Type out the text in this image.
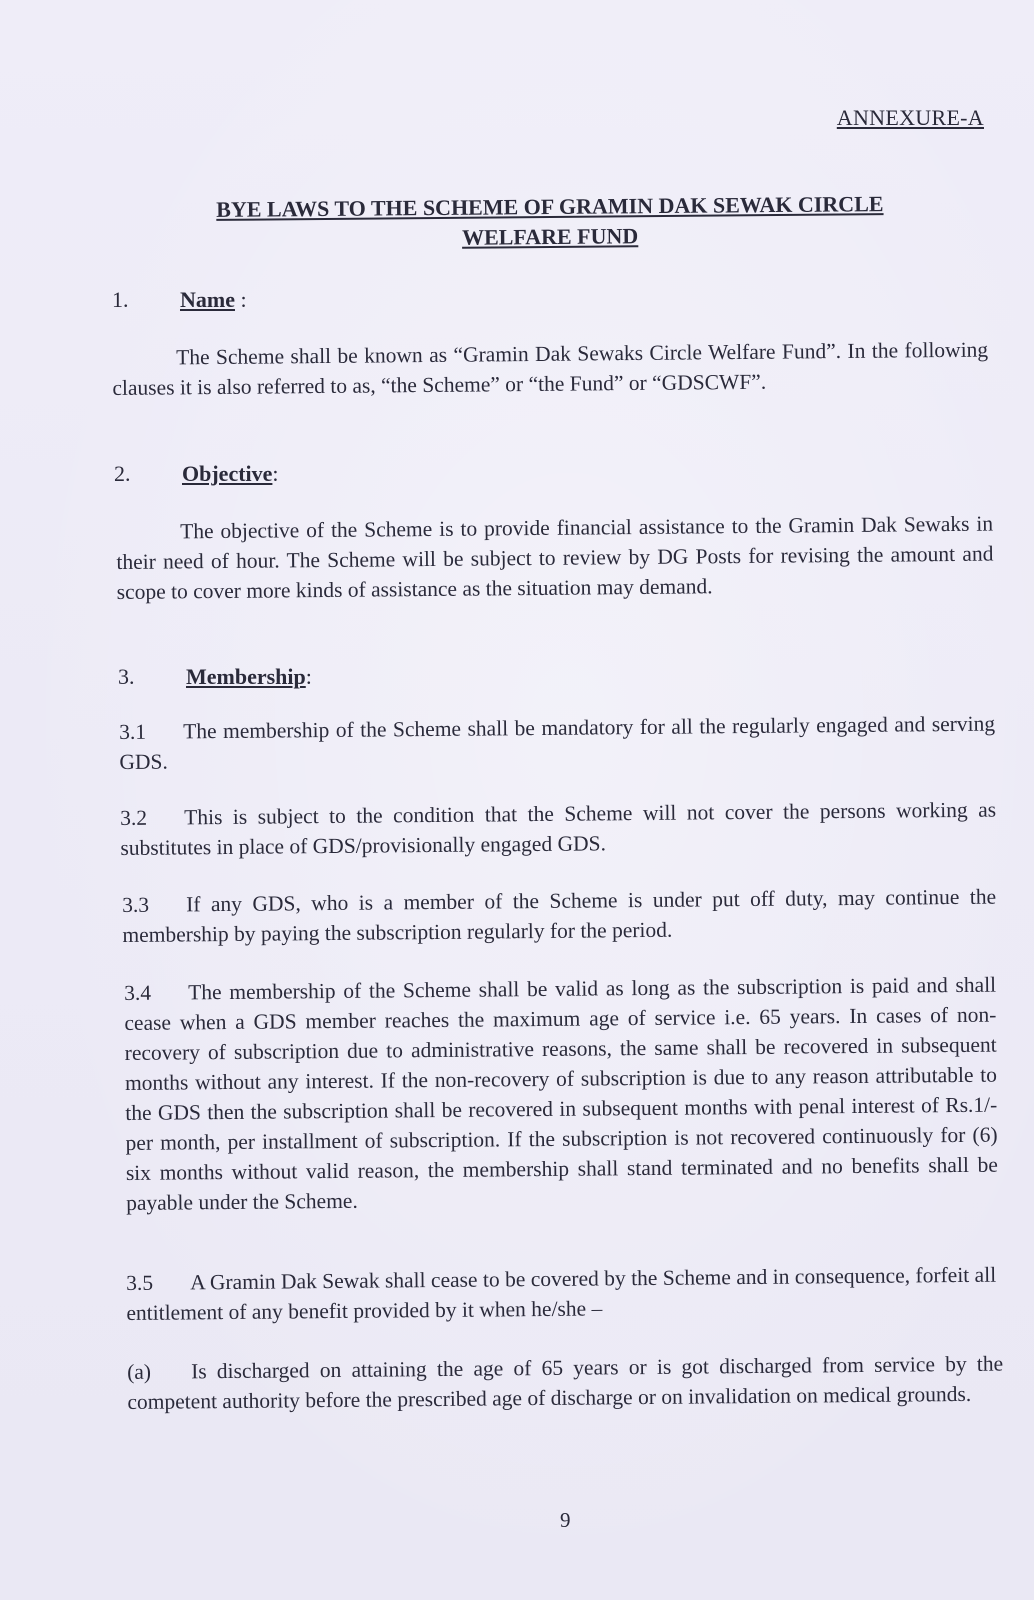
ANNEXURE-A
BYE LAWS TO THE SCHEME OF GRAMIN DAK SEWAK CIRCLE
WELFARE FUND
1. Name :
The Scheme shall be known as “Gramin Dak Sewaks Circle Welfare Fund”. In the following clauses it is also referred to as, “the Scheme” or “the Fund” or “GDSCWF”.
2. Objective:
The objective of the Scheme is to provide financial assistance to the Gramin Dak Sewaks in their need of hour. The Scheme will be subject to review by DG Posts for revising the amount and scope to cover more kinds of assistance as the situation may demand.
3. Membership:
3.1 The membership of the Scheme shall be mandatory for all the regularly engaged and serving GDS.
3.2 This is subject to the condition that the Scheme will not cover the persons working as substitutes in place of GDS/provisionally engaged GDS.
3.3 If any GDS, who is a member of the Scheme is under put off duty, may continue the membership by paying the subscription regularly for the period.
3.4 The membership of the Scheme shall be valid as long as the subscription is paid and shall cease when a GDS member reaches the maximum age of service i.e. 65 years. In cases of non-recovery of subscription due to administrative reasons, the same shall be recovered in subsequent months without any interest. If the non-recovery of subscription is due to any reason attributable to the GDS then the subscription shall be recovered in subsequent months with penal interest of Rs.1/- per month, per installment of subscription. If the subscription is not recovered continuously for (6) six months without valid reason, the membership shall stand terminated and no benefits shall be payable under the Scheme.
3.5 A Gramin Dak Sewak shall cease to be covered by the Scheme and in consequence, forfeit all entitlement of any benefit provided by it when he/she –
(a) Is discharged on attaining the age of 65 years or is got discharged from service by the competent authority before the prescribed age of discharge or on invalidation on medical grounds.
9
